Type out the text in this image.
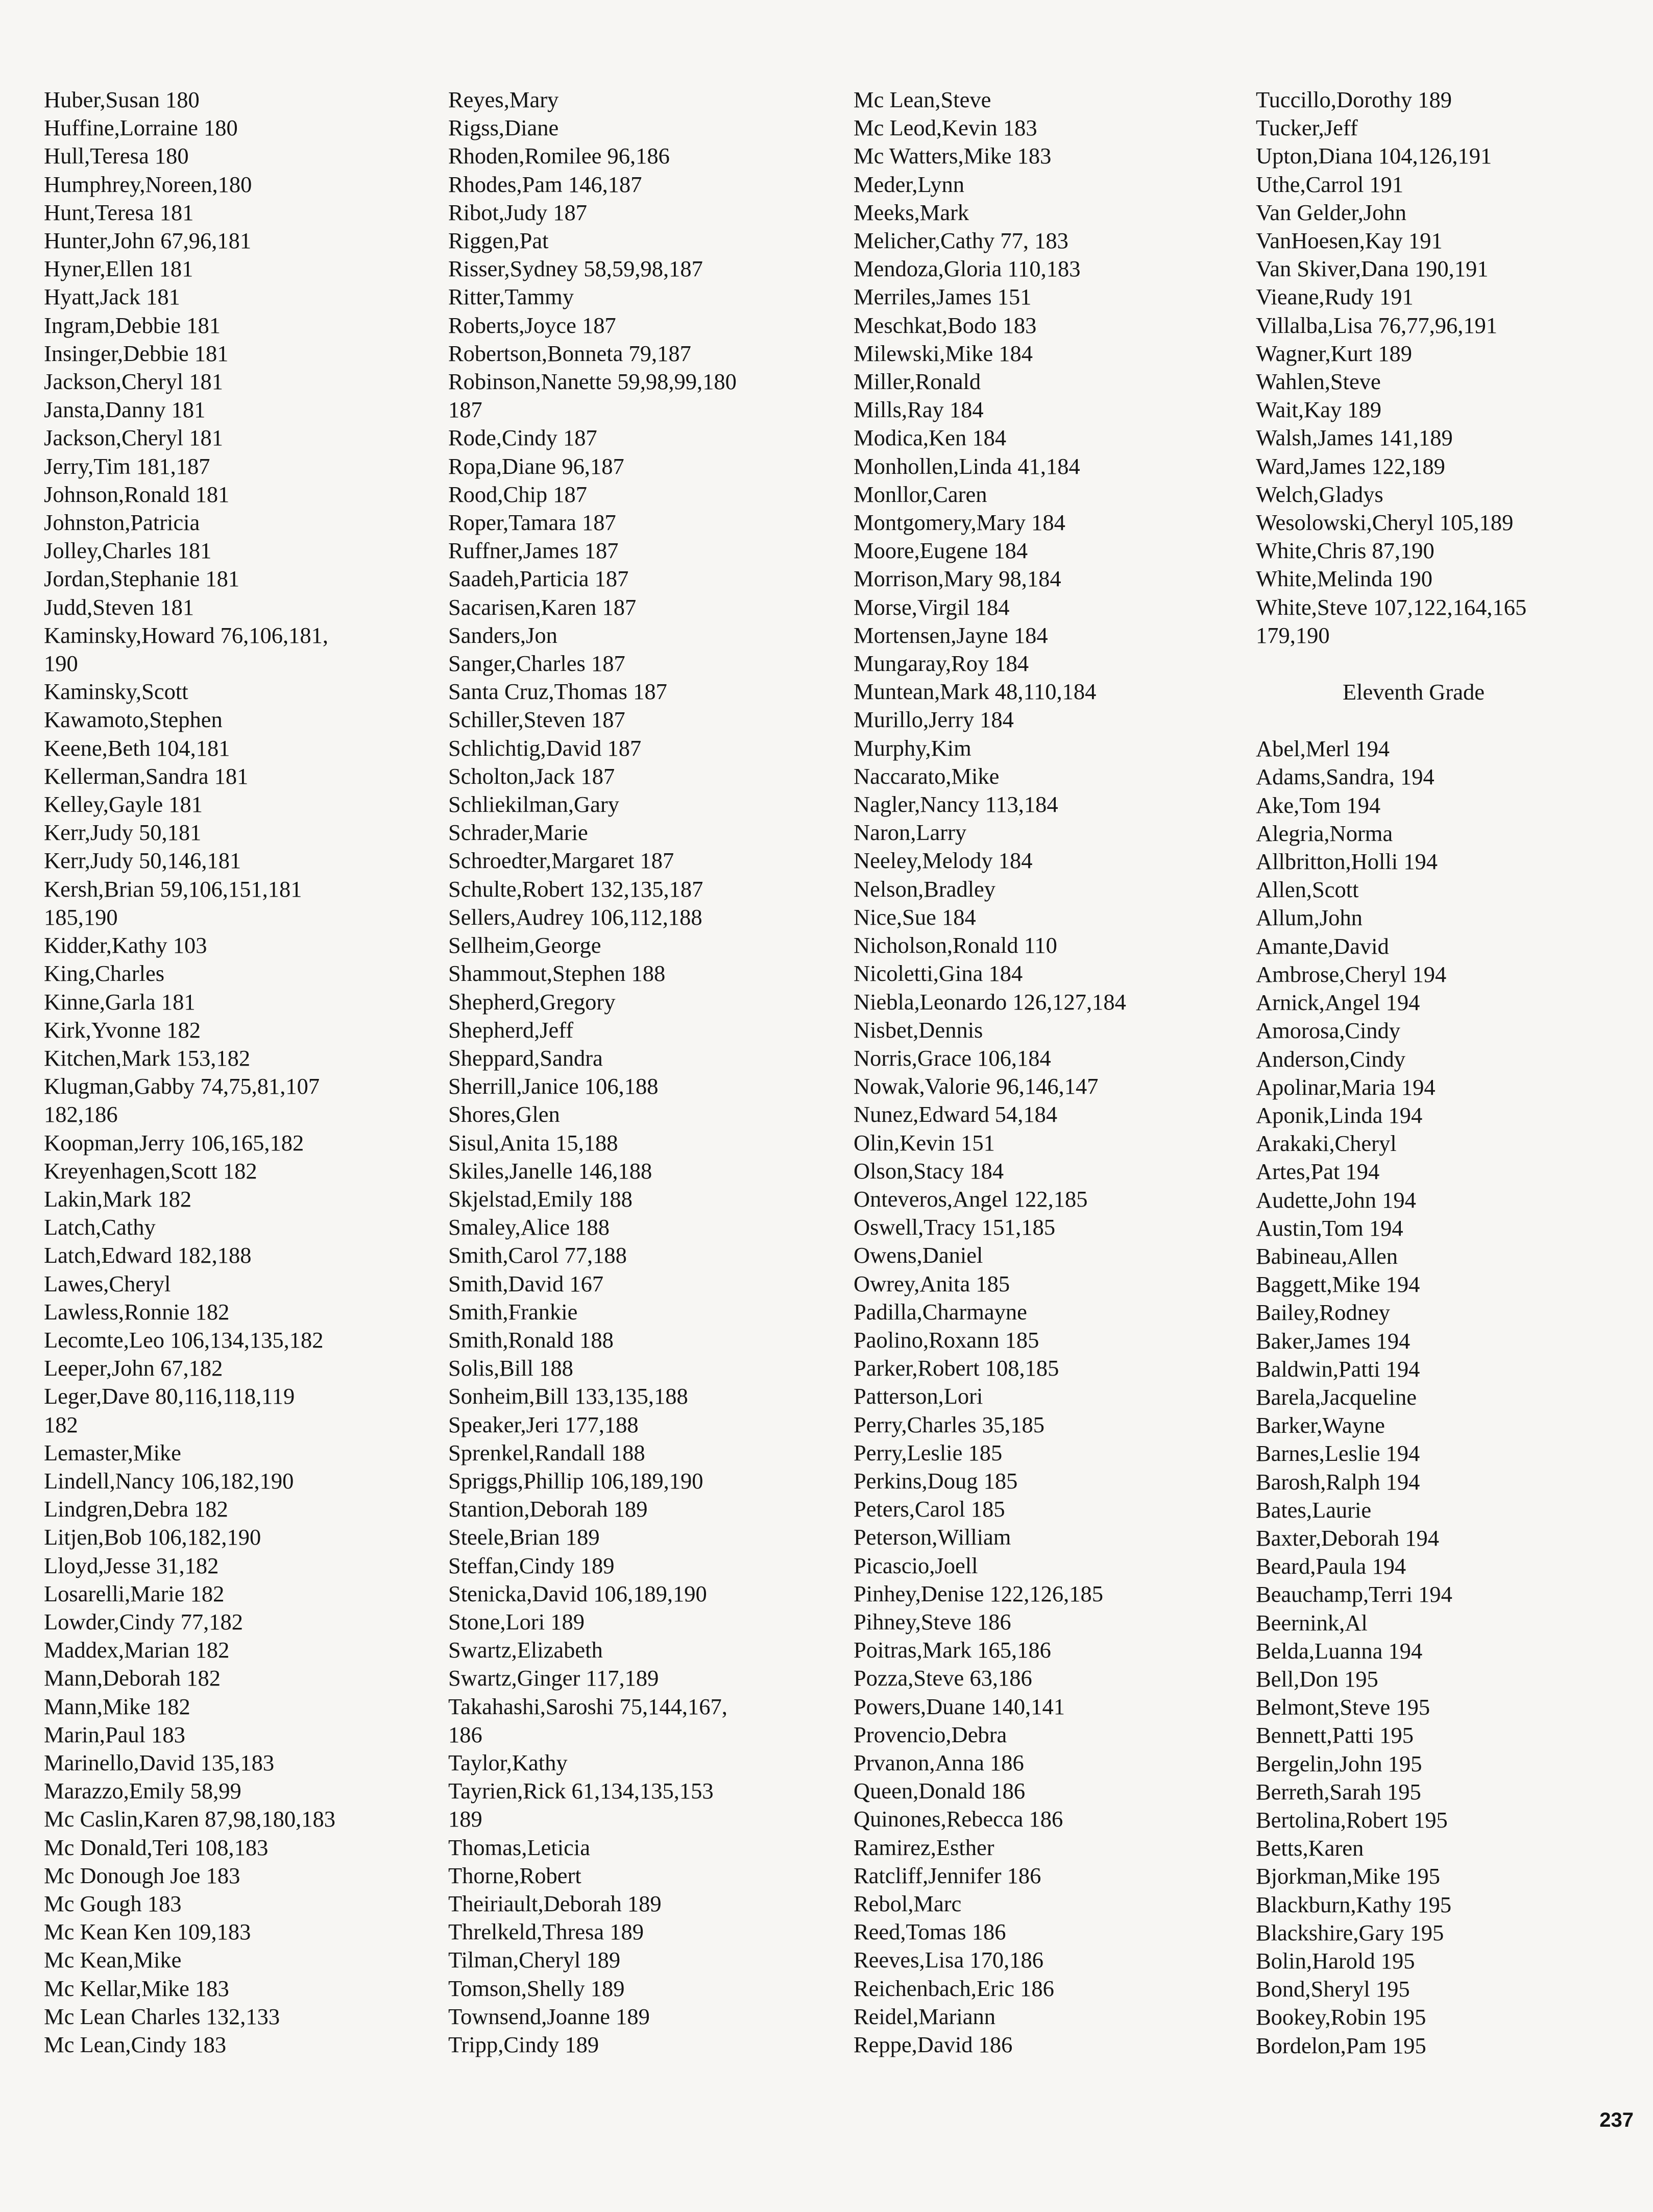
Huber,Susan 180
Huffine,Lorraine 180
Hull,Teresa 180
Humphrey,Noreen,180
Hunt,Teresa 181
Hunter,John 67,96,181
Hyner,Ellen 181
Hyatt,Jack 181
Ingram,Debbie 181
Insinger,Debbie 181
Jackson,Cheryl 181
Jansta,Danny 181
Jackson,Cheryl 181
Jerry,Tim 181,187
Johnson,Ronald 181
Johnston,Patricia
Jolley,Charles 181
Jordan,Stephanie 181
Judd,Steven 181
Kaminsky,Howard 76,106,181,
190
Kaminsky,Scott
Kawamoto,Stephen
Keene,Beth 104,181
Kellerman,Sandra 181
Kelley,Gayle 181
Kerr,Judy 50,181
Kerr,Judy 50,146,181
Kersh,Brian 59,106,151,181
185,190
Kidder,Kathy 103
King,Charles
Kinne,Garla 181
Kirk,Yvonne 182
Kitchen,Mark 153,182
Klugman,Gabby 74,75,81,107
182,186
Koopman,Jerry 106,165,182
Kreyenhagen,Scott 182
Lakin,Mark 182
Latch,Cathy
Latch,Edward 182,188
Lawes,Cheryl
Lawless,Ronnie 182
Lecomte,Leo 106,134,135,182
Leeper,John 67,182
Leger,Dave 80,116,118,119
182
Lemaster,Mike
Lindell,Nancy 106,182,190
Lindgren,Debra 182
Litjen,Bob 106,182,190
Lloyd,Jesse 31,182
Losarelli,Marie 182
Lowder,Cindy 77,182
Maddex,Marian 182
Mann,Deborah 182
Mann,Mike 182
Marin,Paul 183
Marinello,David 135,183
Marazzo,Emily 58,99
Mc Caslin,Karen 87,98,180,183
Mc Donald,Teri 108,183
Mc Donough Joe 183
Mc Gough 183
Mc Kean Ken 109,183
Mc Kean,Mike
Mc Kellar,Mike 183
Mc Lean Charles 132,133
Mc Lean,Cindy 183
Reyes,Mary
Rigss,Diane
Rhoden,Romilee 96,186
Rhodes,Pam 146,187
Ribot,Judy 187
Riggen,Pat
Risser,Sydney 58,59,98,187
Ritter,Tammy
Roberts,Joyce 187
Robertson,Bonneta 79,187
Robinson,Nanette 59,98,99,180
187
Rode,Cindy 187
Ropa,Diane 96,187
Rood,Chip 187
Roper,Tamara 187
Ruffner,James 187
Saadeh,Particia 187
Sacarisen,Karen 187
Sanders,Jon
Sanger,Charles 187
Santa Cruz,Thomas 187
Schiller,Steven 187
Schlichtig,David 187
Scholton,Jack 187
Schliekilman,Gary
Schrader,Marie
Schroedter,Margaret 187
Schulte,Robert 132,135,187
Sellers,Audrey 106,112,188
Sellheim,George
Shammout,Stephen 188
Shepherd,Gregory
Shepherd,Jeff
Sheppard,Sandra
Sherrill,Janice 106,188
Shores,Glen
Sisul,Anita 15,188
Skiles,Janelle 146,188
Skjelstad,Emily 188
Smaley,Alice 188
Smith,Carol 77,188
Smith,David 167
Smith,Frankie
Smith,Ronald 188
Solis,Bill 188
Sonheim,Bill 133,135,188
Speaker,Jeri 177,188
Sprenkel,Randall 188
Spriggs,Phillip 106,189,190
Stantion,Deborah 189
Steele,Brian 189
Steffan,Cindy 189
Stenicka,David 106,189,190
Stone,Lori 189
Swartz,Elizabeth
Swartz,Ginger 117,189
Takahashi,Saroshi 75,144,167,
186
Taylor,Kathy
Tayrien,Rick 61,134,135,153
189
Thomas,Leticia
Thorne,Robert
Theiriault,Deborah 189
Threlkeld,Thresa 189
Tilman,Cheryl 189
Tomson,Shelly 189
Townsend,Joanne 189
Tripp,Cindy 189
Mc Lean,Steve
Mc Leod,Kevin 183
Mc Watters,Mike 183
Meder,Lynn
Meeks,Mark
Melicher,Cathy 77, 183
Mendoza,Gloria 110,183
Merriles,James 151
Meschkat,Bodo 183
Milewski,Mike 184
Miller,Ronald
Mills,Ray 184
Modica,Ken 184
Monhollen,Linda 41,184
Monllor,Caren
Montgomery,Mary 184
Moore,Eugene 184
Morrison,Mary 98,184
Morse,Virgil 184
Mortensen,Jayne 184
Mungaray,Roy 184
Muntean,Mark 48,110,184
Murillo,Jerry 184
Murphy,Kim
Naccarato,Mike
Nagler,Nancy 113,184
Naron,Larry
Neeley,Melody 184
Nelson,Bradley
Nice,Sue 184
Nicholson,Ronald 110
Nicoletti,Gina 184
Niebla,Leonardo 126,127,184
Nisbet,Dennis
Norris,Grace 106,184
Nowak,Valorie 96,146,147
Nunez,Edward 54,184
Olin,Kevin 151
Olson,Stacy 184
Onteveros,Angel 122,185
Oswell,Tracy 151,185
Owens,Daniel
Owrey,Anita 185
Padilla,Charmayne
Paolino,Roxann 185
Parker,Robert 108,185
Patterson,Lori
Perry,Charles 35,185
Perry,Leslie 185
Perkins,Doug 185
Peters,Carol 185
Peterson,William
Picascio,Joell
Pinhey,Denise 122,126,185
Pihney,Steve 186
Poitras,Mark 165,186
Pozza,Steve 63,186
Powers,Duane 140,141
Provencio,Debra
Prvanon,Anna 186
Queen,Donald 186
Quinones,Rebecca 186
Ramirez,Esther
Ratcliff,Jennifer 186
Rebol,Marc
Reed,Tomas 186
Reeves,Lisa 170,186
Reichenbach,Eric 186
Reidel,Mariann
Reppe,David 186
Tuccillo,Dorothy 189
Tucker,Jeff
Upton,Diana 104,126,191
Uthe,Carrol 191
Van Gelder,John
VanHoesen,Kay 191
Van Skiver,Dana 190,191
Vieane,Rudy 191
Villalba,Lisa 76,77,96,191
Wagner,Kurt 189
Wahlen,Steve
Wait,Kay 189
Walsh,James 141,189
Ward,James 122,189
Welch,Gladys
Wesolowski,Cheryl 105,189
White,Chris 87,190
White,Melinda 190
White,Steve 107,122,164,165
179,190
Eleventh Grade
Abel,Merl 194
Adams,Sandra, 194
Ake,Tom 194
Alegria,Norma
Allbritton,Holli 194
Allen,Scott
Allum,John
Amante,David
Ambrose,Cheryl 194
Arnick,Angel 194
Amorosa,Cindy
Anderson,Cindy
Apolinar,Maria 194
Aponik,Linda 194
Arakaki,Cheryl
Artes,Pat 194
Audette,John 194
Austin,Tom 194
Babineau,Allen
Baggett,Mike 194
Bailey,Rodney
Baker,James 194
Baldwin,Patti 194
Barela,Jacqueline
Barker,Wayne
Barnes,Leslie 194
Barosh,Ralph 194
Bates,Laurie
Baxter,Deborah 194
Beard,Paula 194
Beauchamp,Terri 194
Beernink,Al
Belda,Luanna 194
Bell,Don 195
Belmont,Steve 195
Bennett,Patti 195
Bergelin,John 195
Berreth,Sarah 195
Bertolina,Robert 195
Betts,Karen
Bjorkman,Mike 195
Blackburn,Kathy 195
Blackshire,Gary 195
Bolin,Harold 195
Bond,Sheryl 195
Bookey,Robin 195
Bordelon,Pam 195
237
